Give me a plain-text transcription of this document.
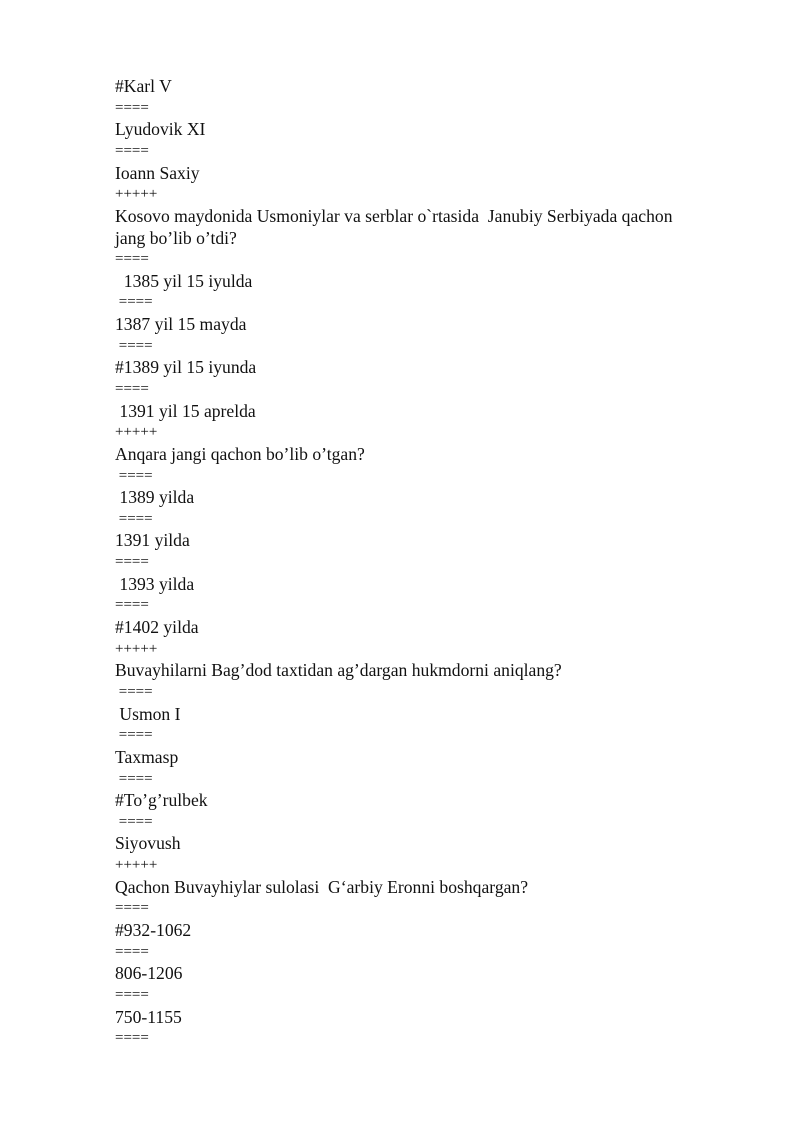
#Karl V
====
Lyudovik XI
====
Ioann Saxiy
+++++
Kosovo maydonida Usmoniylar va serblar o`rtasida  Janubiy Serbiyada qachon
jang bo’lib o’tdi?
====
1385 yil 15 iyulda
====
1387 yil 15 mayda
====
#1389 yil 15 iyunda
====
1391 yil 15 aprelda
+++++
Anqara jangi qachon bo’lib o’tgan?
====
1389 yilda
====
1391 yilda
====
1393 yilda
====
#1402 yilda
+++++
Buvayhilarni Bag’dod taxtidan ag’dargan hukmdorni aniqlang?
====
Usmon I
====
Taxmasp
====
#To’g’rulbek
====
Siyovush
+++++
Qachon Buvayhiylar sulolasi  G‘arbiy Eronni boshqargan?
====
#932-1062
====
806-1206
====
750-1155
====
